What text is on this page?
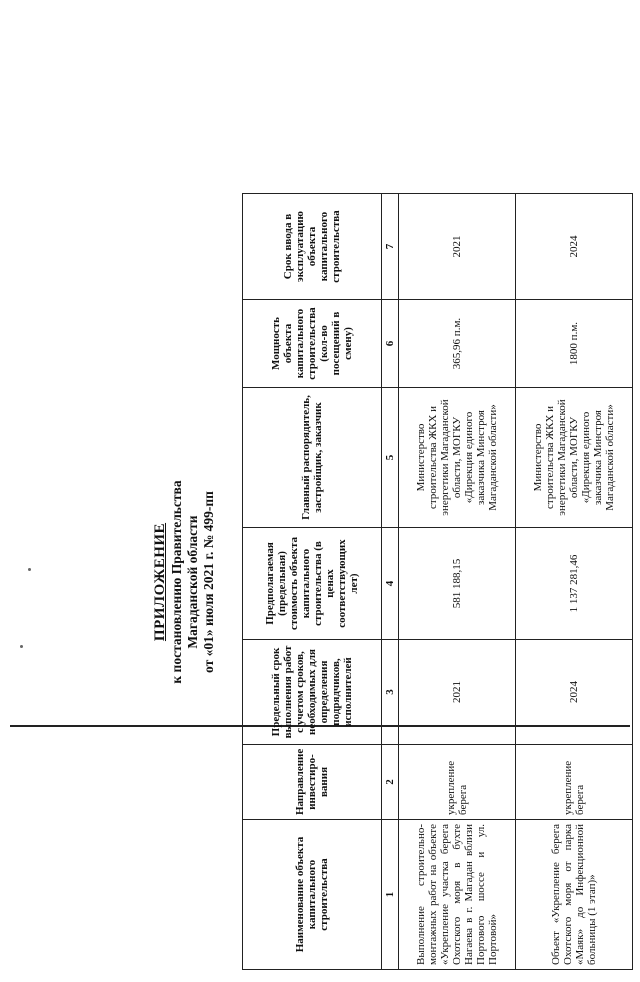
ПРИЛОЖЕНИЕ к постановлению Правительства Магаданской области от «01» июля 2021 г. № 499-пп
Наименование объекта капитального строительства	Направление инвестиро-вания	Предельный срок выполнения работ с учетом сроков, необходимых для определения подрядчиков, исполнителей	Предполагаемая (предельная) стоимость объекта капитального строительства (в ценах соответствующих лет)	Главный распорядитель, застройщик, заказчик	Мощность объекта капитального строительства (кол-во посещений в смену)	Срок ввода в эксплуатацию объекта капитального строительства
1	2	3	4	5	6	7
Выполнение строительно-монтажных работ на объекте «Укрепление участка берега Охотского моря в бухте Нагаева в г. Магадан вблизи Портового шоссе и ул. Портовой»	укрепление берега	2021	581 188,15	Министерство строительства ЖКХ и энергетики Магаданской области, МОГКУ «Дирекция единого заказчика Минстроя Магаданской области»	365,96 п.м.	2021
Объект «Укрепление берега Охотского моря от парка «Маяк» до Инфекционной больницы (1 этап)»	укрепление берега	2024	1 137 281,46	Министерство строительства ЖКХ и энергетики Магаданской области, МОГКУ «Дирекция единого заказчика Минстроя Магаданской области»	1800 п.м.	2024
